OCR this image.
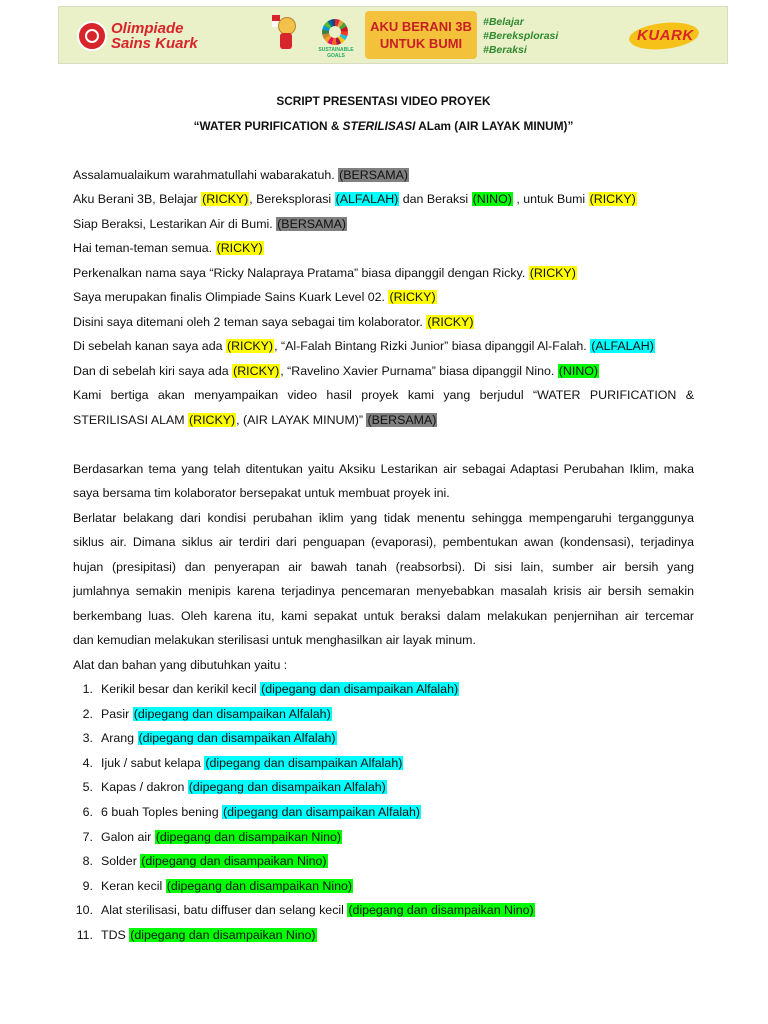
Olimpiade
Sains Kuark	SUSTAINABLE GOALS
AKU BERANI 3B
UNTUK BUMI
#Belajar
#Bereksplorasi
#Beraksi
KUARK
SCRIPT PRESENTASI VIDEO PROYEK
“WATER PURIFICATION & STERILISASI ALam (AIR LAYAK MINUM)”
Assalamualaikum warahmatullahi wabarakatuh. (BERSAMA)
Aku Berani 3B, Belajar (RICKY), Bereksplorasi (ALFALAH) dan Beraksi (NINO) , untuk Bumi (RICKY)
Siap Beraksi, Lestarikan Air di Bumi. (BERSAMA)
Hai teman-teman semua. (RICKY)
Perkenalkan nama saya “Ricky Nalapraya Pratama” biasa dipanggil dengan Ricky. (RICKY)
Saya merupakan finalis Olimpiade Sains Kuark Level 02. (RICKY)
Disini saya ditemani oleh 2 teman saya sebagai tim kolaborator. (RICKY)
Di sebelah kanan saya ada (RICKY), “Al-Falah Bintang Rizki Junior” biasa dipanggil Al-Falah. (ALFALAH)
Dan di sebelah kiri saya ada (RICKY), “Ravelino Xavier Purnama” biasa dipanggil Nino. (NINO)
Kami bertiga akan menyampaikan video hasil proyek kami yang berjudul “WATER PURIFICATION &
STERILISASI ALAM (RICKY), (AIR LAYAK MINUM)” (BERSAMA)
Berdasarkan tema yang telah ditentukan yaitu Aksiku Lestarikan air sebagai Adaptasi Perubahan Iklim, maka
saya bersama tim kolaborator bersepakat untuk membuat proyek ini.
Berlatar belakang dari kondisi perubahan iklim yang tidak menentu sehingga mempengaruhi terganggunya
siklus air. Dimana siklus air terdiri dari penguapan (evaporasi), pembentukan awan (kondensasi), terjadinya
hujan (presipitasi) dan penyerapan air bawah tanah (reabsorbsi). Di sisi lain, sumber air bersih yang
jumlahnya semakin menipis karena terjadinya pencemaran menyebabkan masalah krisis air bersih semakin
berkembang luas. Oleh karena itu, kami sepakat untuk beraksi dalam melakukan penjernihan air tercemar
dan kemudian melakukan sterilisasi untuk menghasilkan air layak minum.
Alat dan bahan yang dibutuhkan yaitu :
1. Kerikil besar dan kerikil kecil (dipegang dan disampaikan Alfalah)
2. Pasir (dipegang dan disampaikan Alfalah)
3. Arang (dipegang dan disampaikan Alfalah)
4. Ijuk / sabut kelapa (dipegang dan disampaikan Alfalah)
5. Kapas / dakron (dipegang dan disampaikan Alfalah)
6. 6 buah Toples bening (dipegang dan disampaikan Alfalah)
7. Galon air (dipegang dan disampaikan Nino)
8. Solder (dipegang dan disampaikan Nino)
9. Keran kecil (dipegang dan disampaikan Nino)
10. Alat sterilisasi, batu diffuser dan selang kecil (dipegang dan disampaikan Nino)
11. TDS (dipegang dan disampaikan Nino)
